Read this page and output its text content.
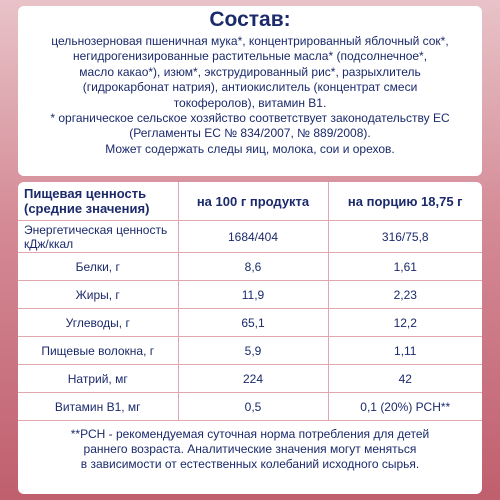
Состав:

цельнозерновая пшеничная мука*, концентрированный яблочный сок*,
негидрогенизированные растительные масла* (подсолнечное*,
масло какао*), изюм*, экструдированный рис*, разрыхлитель
(гидрокарбонат натрия), антиокислитель (концентрат смеси
токоферолов), витамин В1.
* органическое сельское хозяйство соответствует законодательству ЕС
(Регламенты ЕС № 834/2007, № 889/2008).
Может содержать следы яиц, молока, сои и орехов.

Пищевая ценность
(средние значения)	на 100 г продукта	на порцию 18,75 г
Энергетическая ценность
кДж/ккал	1684/404	316/75,8
Белки, г	8,6	1,61
Жиры, г	11,9	2,23
Углеводы, г	65,1	12,2
Пищевые волокна, г	5,9	1,11
Натрий, мг	224	42
Витамин В1, мг	0,5	0,1 (20%) РСН**
**РСН - рекомендуемая суточная норма потребления для детей
раннего возраста. Аналитические значения могут меняться
в зависимости от естественных колебаний исходного сырья.
